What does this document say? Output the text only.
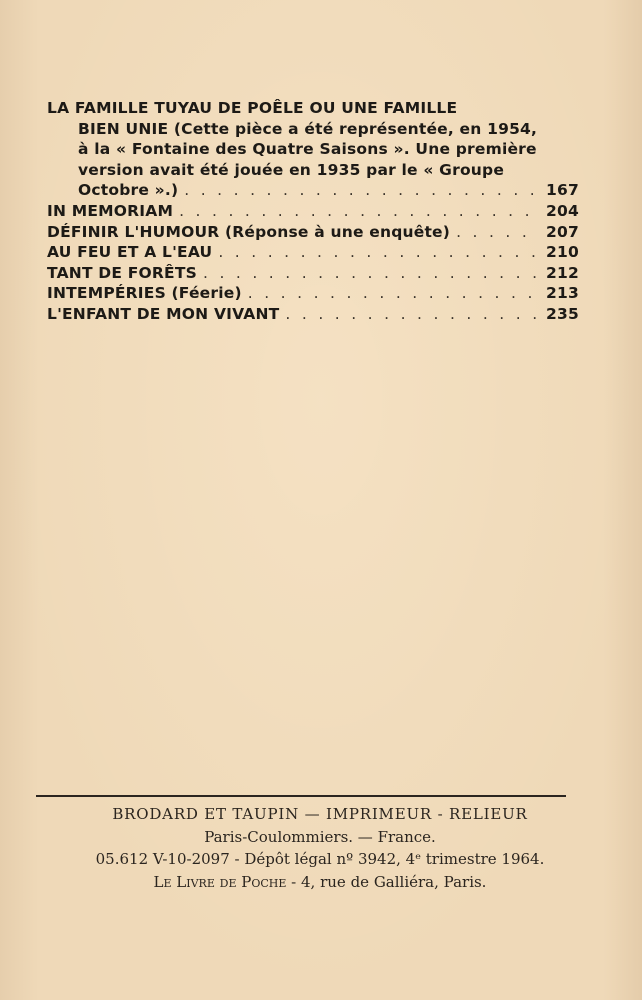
LA FAMILLE TUYAU DE POÊLE OU UNE FAMILLE
BIEN UNIE (Cette pièce a été représentée, en 1954,
à la « Fontaine des Quatre Saisons ». Une première
version avait été jouée en 1935 par le « Groupe
Octobre ».) . . .	167
IN MEMORIAM . . .	204
DÉFINIR L'HUMOUR (Réponse à une enquête) . . .	207
AU FEU ET A L'EAU . . .	210
TANT DE FORÊTS . . .	212
INTEMPÉRIES (Féerie) . . .	213
L'ENFANT DE MON VIVANT . . .	235
BRODARD ET TAUPIN — IMPRIMEUR - RELIEUR
Paris-Coulommiers. — France.
05.612 V-10-2097 - Dépôt légal nº 3942, 4ᵉ trimestre 1964.
Le Livre de Poche - 4, rue de Galliéra, Paris.
